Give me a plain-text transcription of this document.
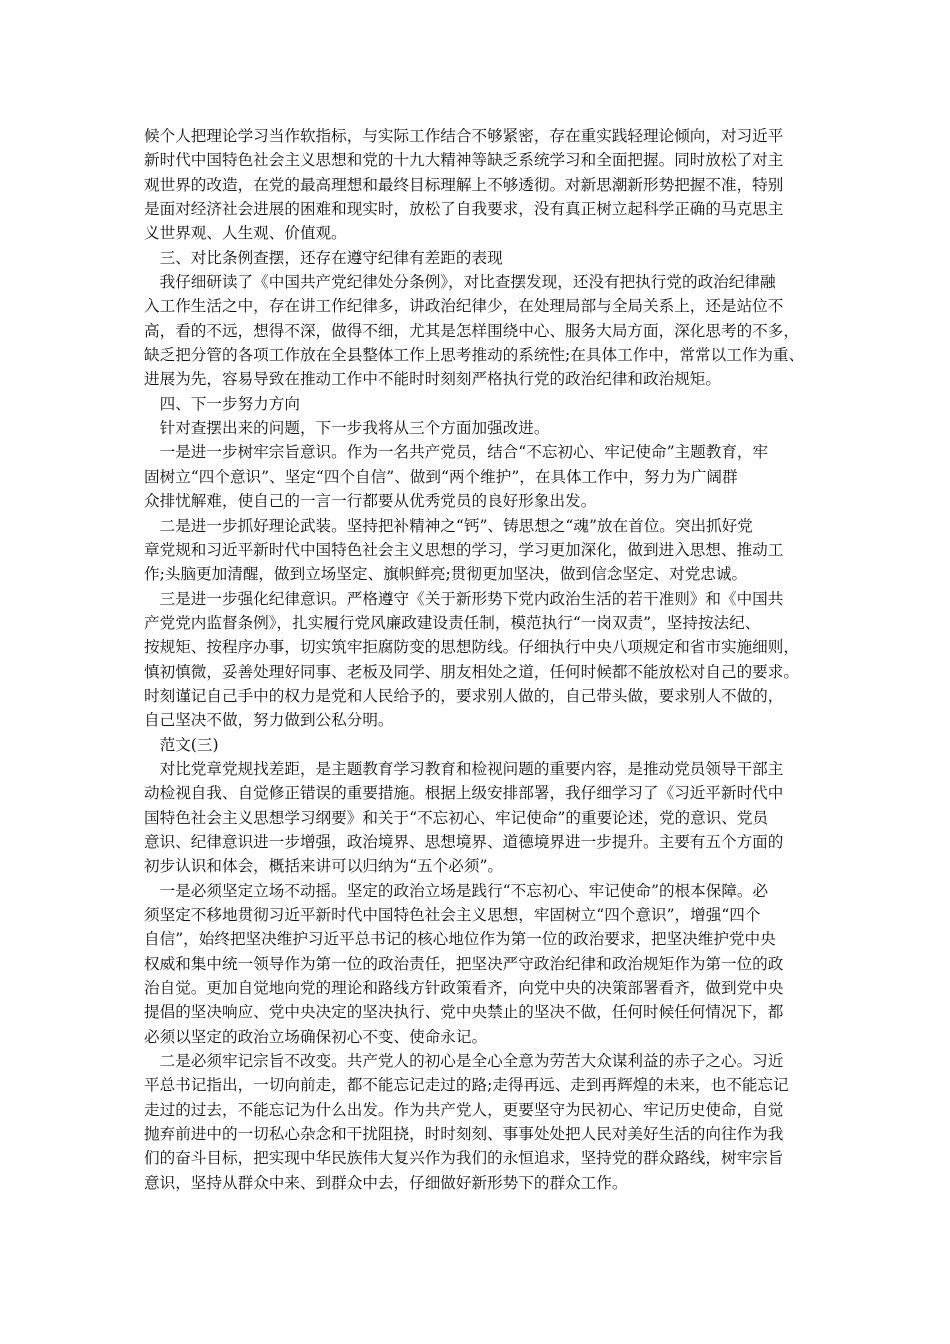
候个人把理论学习当作软指标，与实际工作结合不够紧密，存在重实践轻理论倾向，对习近平

新时代中国特色社会主义思想和党的十九大精神等缺乏系统学习和全面把握。同时放松了对主

观世界的改造，在党的最高理想和最终目标理解上不够透彻。对新思潮新形势把握不准，特别

是面对经济社会进展的困难和现实时，放松了自我要求，没有真正树立起科学正确的马克思主

义世界观、人生观、价值观。

　三、对比条例查摆，还存在遵守纪律有差距的表现

　我仔细研读了《中国共产党纪律处分条例》，对比查摆发现，还没有把执行党的政治纪律融

入工作生活之中，存在讲工作纪律多，讲政治纪律少，在处理局部与全局关系上，还是站位不

高，看的不远，想得不深，做得不细，尤其是怎样围绕中心、服务大局方面，深化思考的不多，

缺乏把分管的各项工作放在全县整体工作上思考推动的系统性;在具体工作中，常常以工作为重、

进展为先，容易导致在推动工作中不能时时刻刻严格执行党的政治纪律和政治规矩。

　四、下一步努力方向

　针对查摆出来的问题，下一步我将从三个方面加强改进。

　一是进一步树牢宗旨意识。作为一名共产党员，结合“不忘初心、牢记使命”主题教育，牢

固树立“四个意识”、坚定“四个自信”、做到“两个维护”，在具体工作中，努力为广阔群

众排忧解难，使自己的一言一行都要从优秀党员的良好形象出发。

　二是进一步抓好理论武装。坚持把补精神之“钙”、铸思想之“魂”放在首位。突出抓好党

章党规和习近平新时代中国特色社会主义思想的学习，学习更加深化，做到进入思想、推动工

作;头脑更加清醒，做到立场坚定、旗帜鲜亮;贯彻更加坚决，做到信念坚定、对党忠诚。

　三是进一步强化纪律意识。严格遵守《关于新形势下党内政治生活的若干准则》和《中国共

产党党内监督条例》，扎实履行党风廉政建设责任制，模范执行“一岗双责”，坚持按法纪、

按规矩、按程序办事，切实筑牢拒腐防变的思想防线。仔细执行中央八项规定和省市实施细则，

慎初慎微，妥善处理好同事、老板及同学、朋友相处之道，任何时候都不能放松对自己的要求。

时刻谨记自己手中的权力是党和人民给予的，要求别人做的，自己带头做，要求别人不做的，

自己坚决不做，努力做到公私分明。

　范文(三)

　对比党章党规找差距，是主题教育学习教育和检视问题的重要内容，是推动党员领导干部主

动检视自我、自觉修正错误的重要措施。根据上级安排部署，我仔细学习了《习近平新时代中

国特色社会主义思想学习纲要》和关于“不忘初心、牢记使命”的重要论述，党的意识、党员

意识、纪律意识进一步增强，政治境界、思想境界、道德境界进一步提升。主要有五个方面的

初步认识和体会，概括来讲可以归纳为“五个必须”。

　一是必须坚定立场不动摇。坚定的政治立场是践行“不忘初心、牢记使命”的根本保障。必

须坚定不移地贯彻习近平新时代中国特色社会主义思想，牢固树立“四个意识”，增强“四个

自信”，始终把坚决维护习近平总书记的核心地位作为第一位的政治要求，把坚决维护党中央

权威和集中统一领导作为第一位的政治责任，把坚决严守政治纪律和政治规矩作为第一位的政

治自觉。更加自觉地向党的理论和路线方针政策看齐，向党中央的决策部署看齐，做到党中央

提倡的坚决响应、党中央决定的坚决执行、党中央禁止的坚决不做，任何时候任何情况下，都

必须以坚定的政治立场确保初心不变、使命永记。

　二是必须牢记宗旨不改变。共产党人的初心是全心全意为劳苦大众谋利益的赤子之心。习近

平总书记指出，一切向前走，都不能忘记走过的路;走得再远、走到再辉煌的未来，也不能忘记

走过的过去，不能忘记为什么出发。作为共产党人，更要坚守为民初心、牢记历史使命，自觉

抛弃前进中的一切私心杂念和干扰阻挠，时时刻刻、事事处处把人民对美好生活的向往作为我

们的奋斗目标，把实现中华民族伟大复兴作为我们的永恒追求，坚持党的群众路线，树牢宗旨

意识，坚持从群众中来、到群众中去，仔细做好新形势下的群众工作。
